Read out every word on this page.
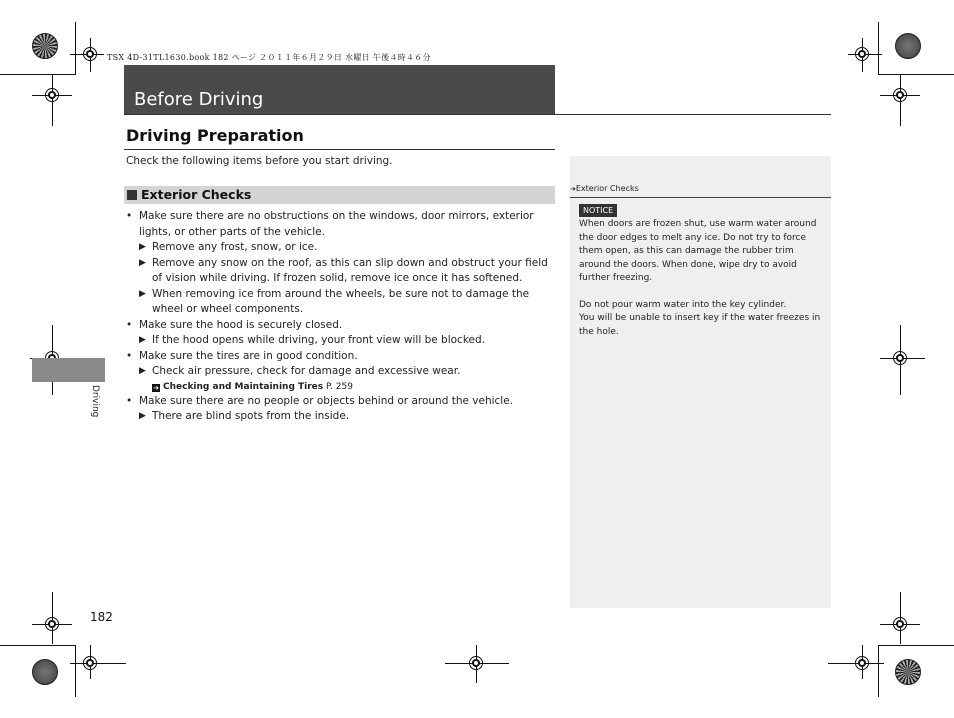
TSX 4D-31TL1630.book 182 ページ ２０１１年６月２９日 水曜日 午後４時４６分
Before Driving
Driving Preparation
Check the following items before you start driving.
Exterior Checks
• Make sure there are no obstructions on the windows, door mirrors, exterior lights, or other parts of the vehicle.
▶ Remove any frost, snow, or ice.
▶ Remove any snow on the roof, as this can slip down and obstruct your field of vision while driving. If frozen solid, remove ice once it has softened.
▶ When removing ice from around the wheels, be sure not to damage the wheel or wheel components.
• Make sure the hood is securely closed.
▶ If the hood opens while driving, your front view will be blocked.
• Make sure the tires are in good condition.
▶ Check air pressure, check for damage and excessive wear.
➔ Checking and Maintaining Tires P. 259
• Make sure there are no people or objects behind or around the vehicle.
▶ There are blind spots from the inside.
Driving
182
➔Exterior Checks
NOTICE
When doors are frozen shut, use warm water around the door edges to melt any ice. Do not try to force them open, as this can damage the rubber trim around the doors. When done, wipe dry to avoid further freezing.
Do not pour warm water into the key cylinder.
You will be unable to insert key if the water freezes in the hole.
